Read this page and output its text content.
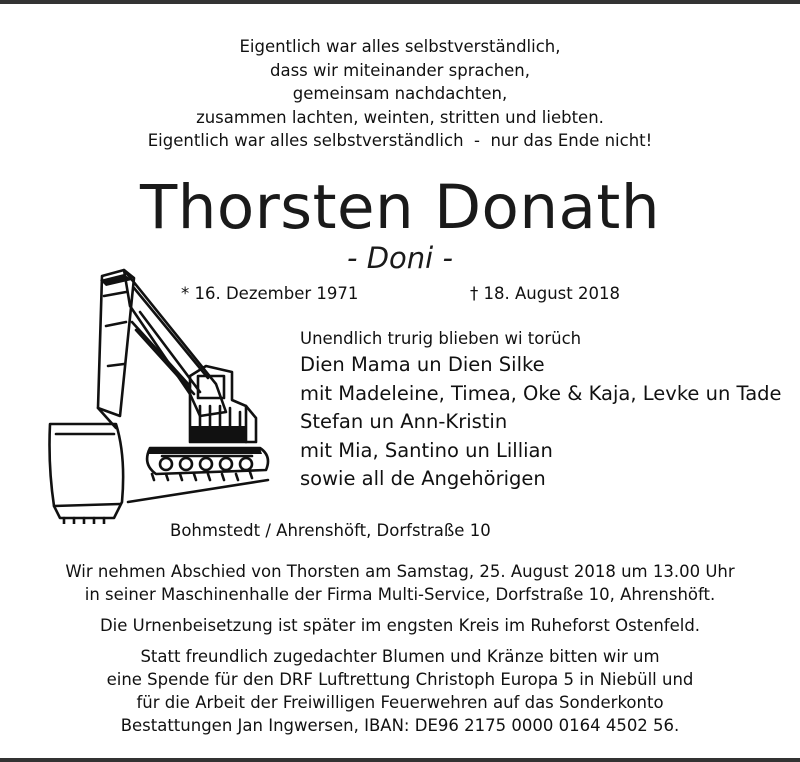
Eigentlich war alles selbstverständlich,
dass wir miteinander sprachen,
gemeinsam nachdachten,
zusammen lachten, weinten, stritten und liebten.
Eigentlich war alles selbstverständlich  -  nur das Ende nicht!
Thorsten Donath
- Doni -
* 16. Dezember 1971	† 18. August 2018
Unendlich trurig blieben wi torüch
Dien Mama un Dien Silke
mit Madeleine, Timea, Oke & Kaja, Levke un Tade
Stefan un Ann-Kristin
mit Mia, Santino un Lillian
sowie all de Angehörigen
Bohmstedt / Ahrenshöft, Dorfstraße 10
Wir nehmen Abschied von Thorsten am Samstag, 25. August 2018 um 13.00 Uhr
in seiner Maschinenhalle der Firma Multi-Service, Dorfstraße 10, Ahrenshöft.
Die Urnenbeisetzung ist später im engsten Kreis im Ruheforst Ostenfeld.
Statt freundlich zugedachter Blumen und Kränze bitten wir um
eine Spende für den DRF Luftrettung Christoph Europa 5 in Niebüll und
für die Arbeit der Freiwilligen Feuerwehren auf das Sonderkonto
Bestattungen Jan Ingwersen, IBAN: DE96 2175 0000 0164 4502 56.
